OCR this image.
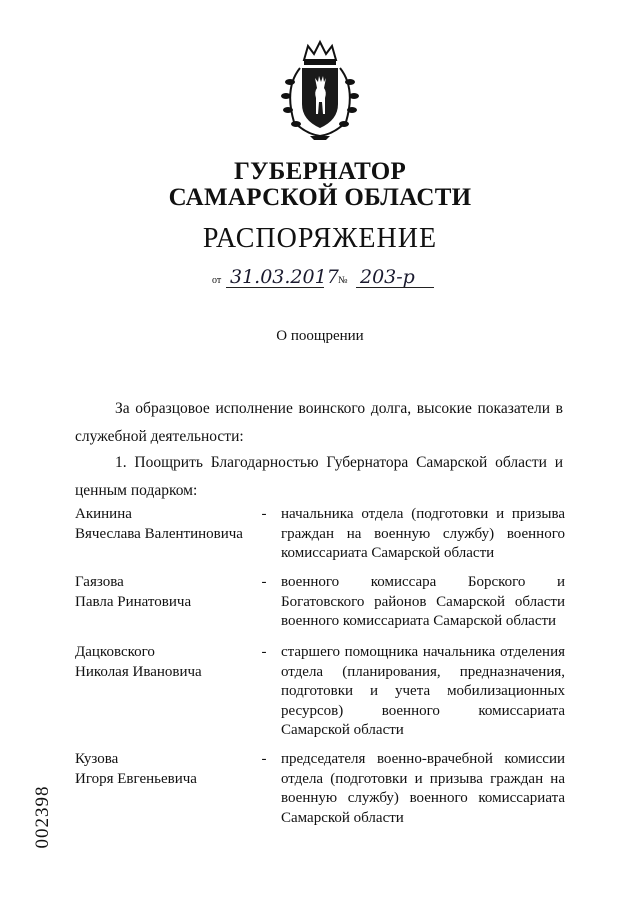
ГУБЕРНАТОР
САМАРСКОЙ ОБЛАСТИ
РАСПОРЯЖЕНИЕ
от 31.03.2017 № 203-р
О поощрении
За образцовое исполнение воинского долга, высокие показатели в служебной деятельности:
1. Поощрить Благодарностью Губернатора Самарской области и ценным подарком:
Акинина
Вячеслава Валентиновича
- начальника отдела (подготовки и призыва граждан на военную службу) военного комиссариата Самарской области
Гаязова
Павла Ринатовича
- военного комиссара Борского и Богатовского районов Самарской области военного комиссариата Самарской области
Дацковского
Николая Ивановича
- старшего помощника начальника отделения отдела (планирования, предназначения, подготовки и учета мобилизационных ресурсов) военного комиссариата Самарской области
Кузова
Игоря Евгеньевича
- председателя военно-врачебной комиссии отдела (подготовки и призыва граждан на военную службу) военного комиссариата Самарской области
002398
